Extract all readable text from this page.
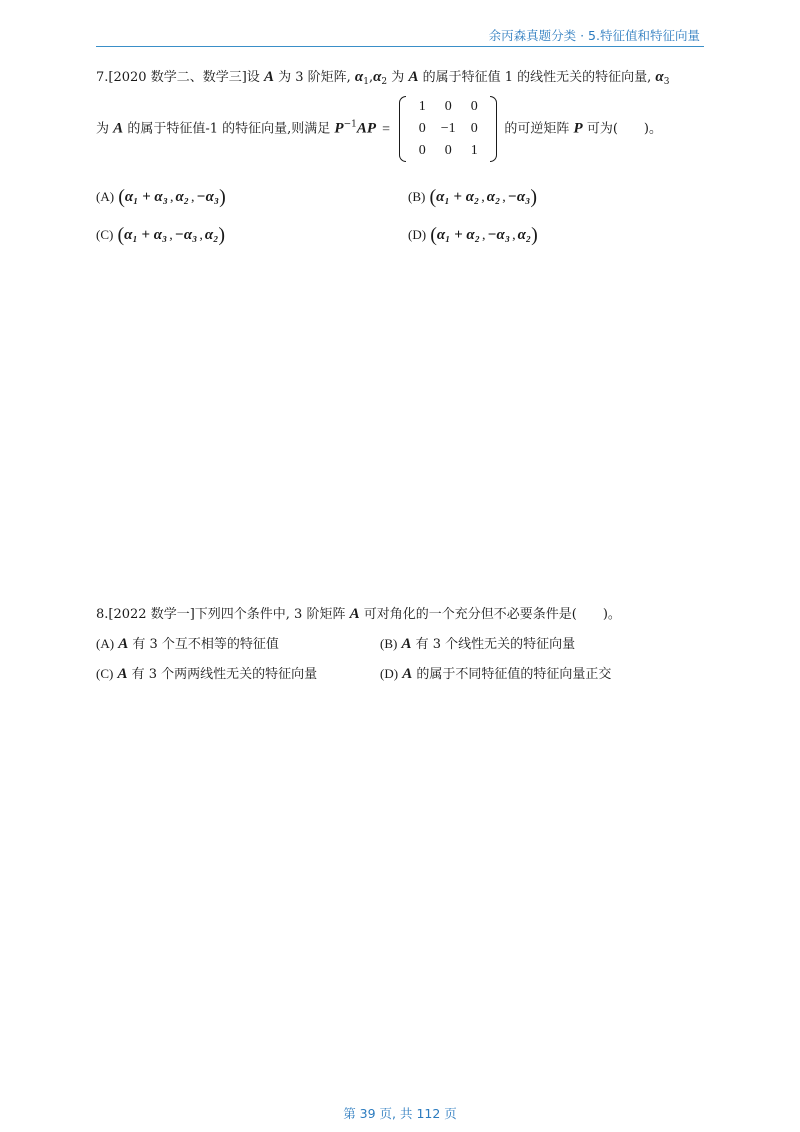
余丙森真题分类 · 5.特征值和特征向量
7.[2020 数学二、数学三]设 A 为 3 阶矩阵, $\alpha_1,\alpha_2$ 为 A 的属于特征值 1 的线性无关的特征向量, $\alpha_3$
为 A 的属于特征值-1 的特征向量,则满足 $P^{-1}AP$ =
1	0	0
0	−1	0
0	0	1
的可逆矩阵 P 可为(　　)。
(A) (α₁ + α₃ , α₂ , −α₃)	(B) (α₁ + α₂ , α₂ , −α₃)
(C) (α₁ + α₃ , −α₃ , α₂)	(D) (α₁ + α₂ , −α₃ , α₂)
8.[2022 数学一]下列四个条件中, 3 阶矩阵 A 可对角化的一个充分但不必要条件是(　　)。
(A) A 有 3 个互不相等的特征值	(B) A 有 3 个线性无关的特征向量
(C) A 有 3 个两两线性无关的特征向量	(D) A 的属于不同特征值的特征向量正交
第 39 页, 共 112 页
